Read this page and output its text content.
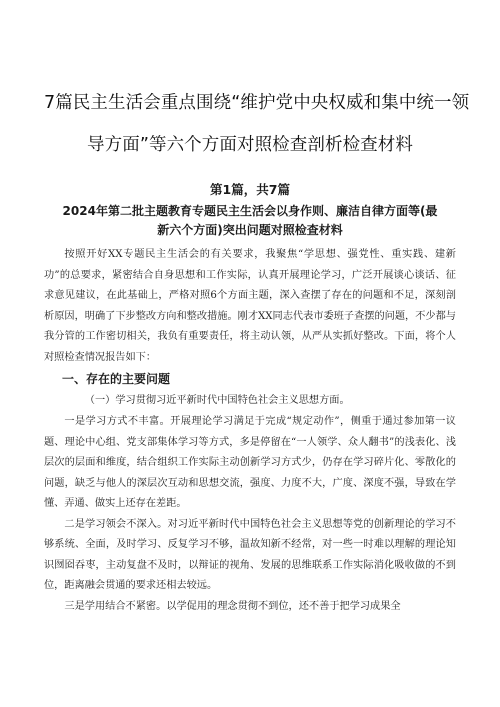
7篇民主生活会重点围绕“维护党中央权威和集中统一领
导方面”等六个方面对照检查剖析检查材料
第1篇，共7篇
2024年第二批主题教育专题民主生活会以身作则、廉洁自律方面等(最
新六个方面)突出问题对照检查材料

按照开好XX专题民主生活会的有关要求，我聚焦“学思想、强党性、重实践、建新功”的总要求，紧密结合自身思想和工作实际，认真开展理论学习，广泛开展谈心谈话、征求意见建议，在此基础上，严格对照6个方面主题，深入查摆了存在的问题和不足，深刻剖析原因，明确了下步整改方向和整改措施。刚才XX同志代表市委班子查摆的问题，不少都与我分管的工作密切相关，我负有重要责任，将主动认领，从严从实抓好整改。下面，将个人对照检查情况报告如下：

一、存在的主要问题

（一）学习贯彻习近平新时代中国特色社会主义思想方面。

一是学习方式不丰富。开展理论学习满足于完成“规定动作”，侧重于通过参加第一议题、理论中心组、党支部集体学习等方式，多是停留在“一人领学、众人翻书”的浅表化、浅层次的层面和维度，结合组织工作实际主动创新学习方式少，仍存在学习碎片化、零散化的问题，缺乏与他人的深层次互动和思想交流，强度、力度不大，广度、深度不强，导致在学懂、弄通、做实上还存在差距。

二是学习领会不深入。对习近平新时代中国特色社会主义思想等党的创新理论的学习不够系统、全面，及时学习、反复学习不够，温故知新不经常，对一些一时难以理解的理论知识囫囵吞枣，主动复盘不及时，以辩证的视角、发展的思维联系工作实际消化吸收做的不到位，距离融会贯通的要求还相去较远。

三是学用结合不紧密。以学促用的理念贯彻不到位，还不善于把学习成果全
